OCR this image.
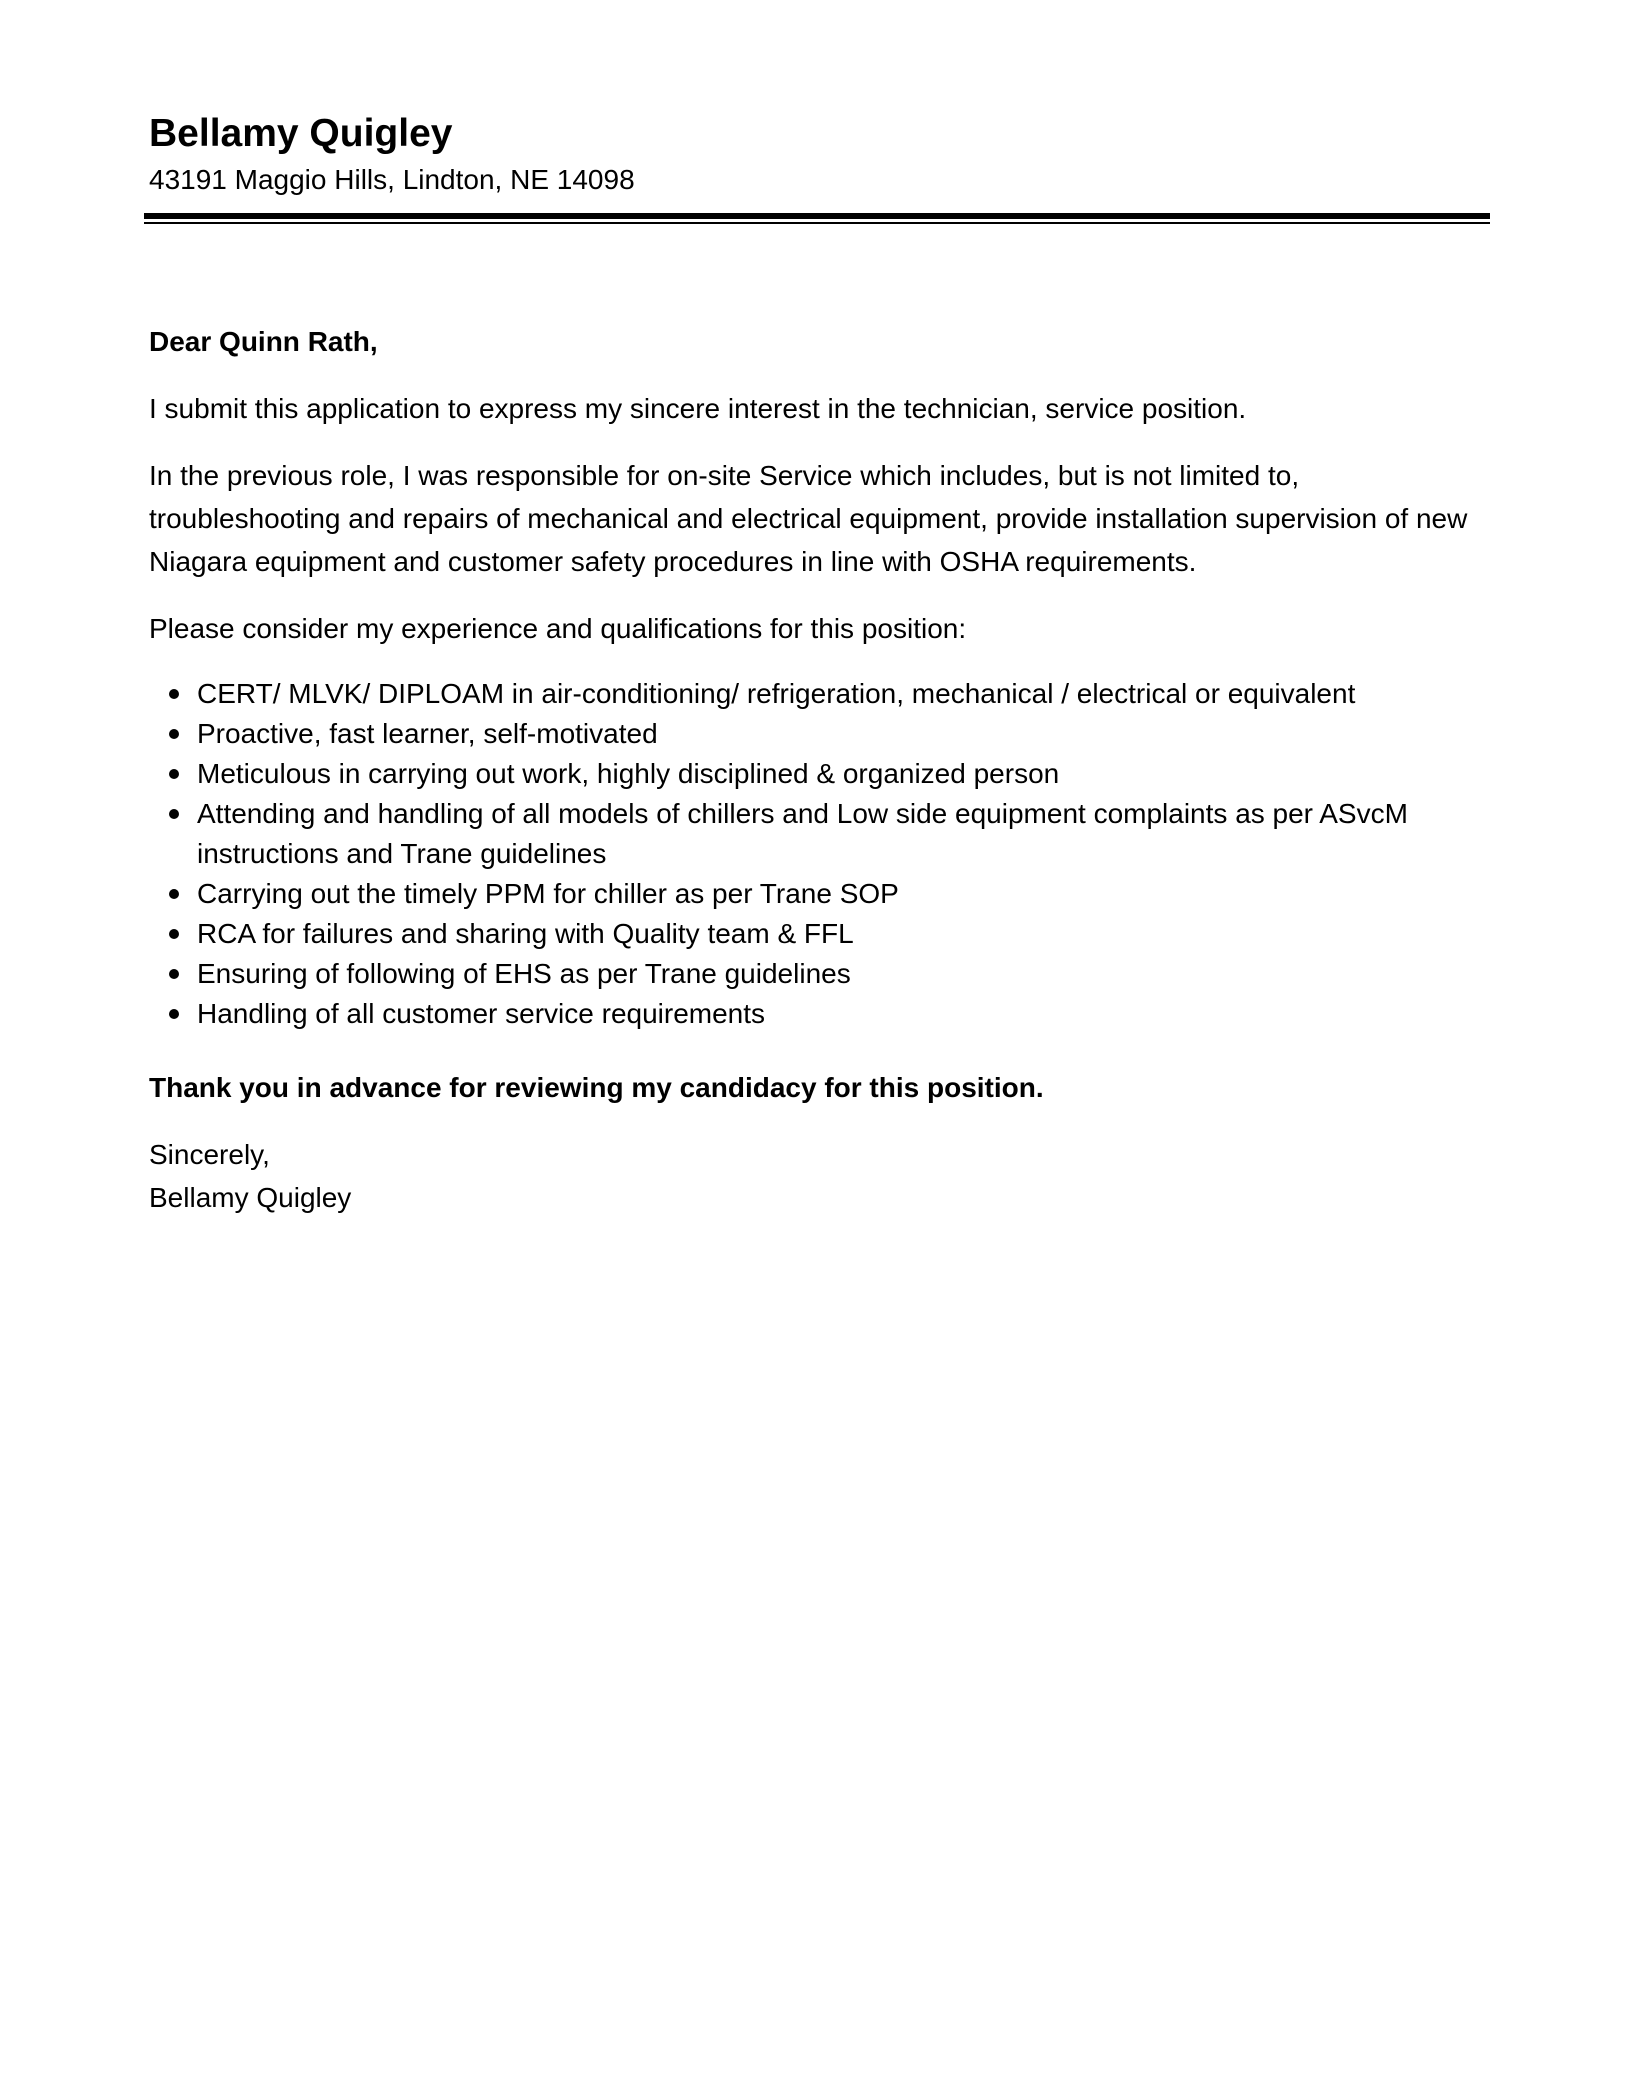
Bellamy Quigley

43191 Maggio Hills, Lindton, NE 14098

Dear Quinn Rath,

I submit this application to express my sincere interest in the technician, service position.

In the previous role, I was responsible for on-site Service which includes, but is not limited to, troubleshooting and repairs of mechanical and electrical equipment, provide installation supervision of new Niagara equipment and customer safety procedures in line with OSHA requirements.

Please consider my experience and qualifications for this position:

CERT/ MLVK/ DIPLOAM in air-conditioning/ refrigeration, mechanical / electrical or equivalent
Proactive, fast learner, self-motivated
Meticulous in carrying out work, highly disciplined & organized person
Attending and handling of all models of chillers and Low side equipment complaints as per ASvcM instructions and Trane guidelines
Carrying out the timely PPM for chiller as per Trane SOP
RCA for failures and sharing with Quality team & FFL
Ensuring of following of EHS as per Trane guidelines
Handling of all customer service requirements

Thank you in advance for reviewing my candidacy for this position.

Sincerely,

Bellamy Quigley
